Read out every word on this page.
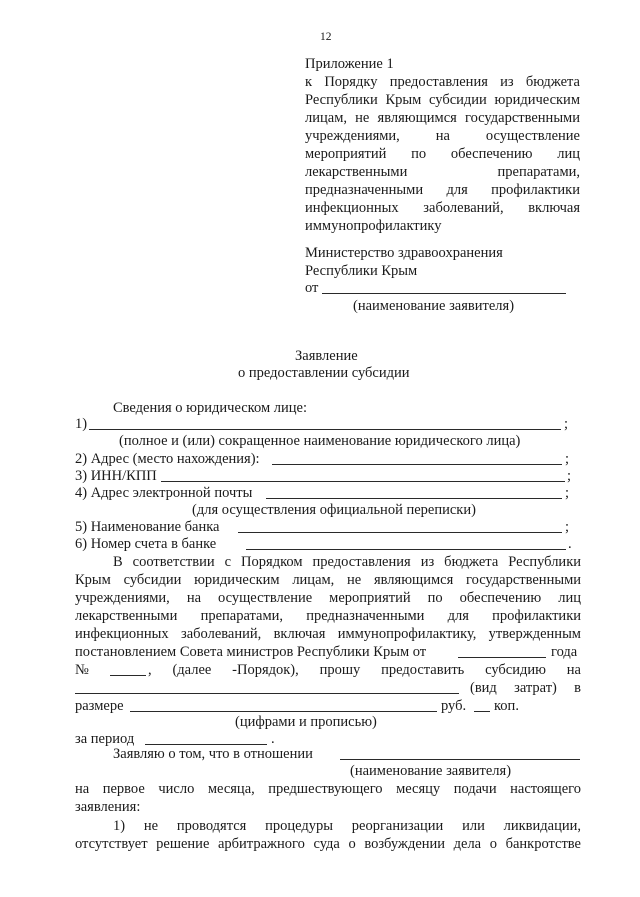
12
Приложение 1
к Порядку предоставления из бюджета
Республики Крым субсидии юридическим
лицам, не являющимся государственными
учреждениями, на осуществление
мероприятий по обеспечению лиц
лекарственными препаратами,
предназначенными для профилактики
инфекционных заболеваний, включая
иммунопрофилактику
Министерство здравоохранения
Республики Крым
от
(наименование заявителя)
Заявление
о предоставлении субсидии
Сведения о юридическом лице:
1)	;
(полное и (или) сокращенное наименование юридического лица)
2) Адрес (место нахождения):	;
3) ИНН/КПП	;
4) Адрес электронной почты	;
(для осуществления официальной переписки)
5) Наименование банка	;
6) Номер счета в банке	.
В соответствии с Порядком предоставления из бюджета Республики
Крым субсидии юридическим лицам, не являющимся государственными
учреждениями, на осуществление мероприятий по обеспечению лиц
лекарственными препаратами, предназначенными для профилактики
инфекционных заболеваний, включая иммунопрофилактику, утвержденным
постановлением Совета министров Республики Крым от	года
№	, (далее -Порядок), прошу предоставить субсидию на
(вид затрат) в
размере	руб. коп.
(цифрами и прописью)
за период	.
Заявляю о том, что в отношении
(наименование заявителя)
на первое число месяца, предшествующего месяцу подачи настоящего
заявления:
1) не проводятся процедуры реорганизации или ликвидации,
отсутствует решение арбитражного суда о возбуждении дела о банкротстве
